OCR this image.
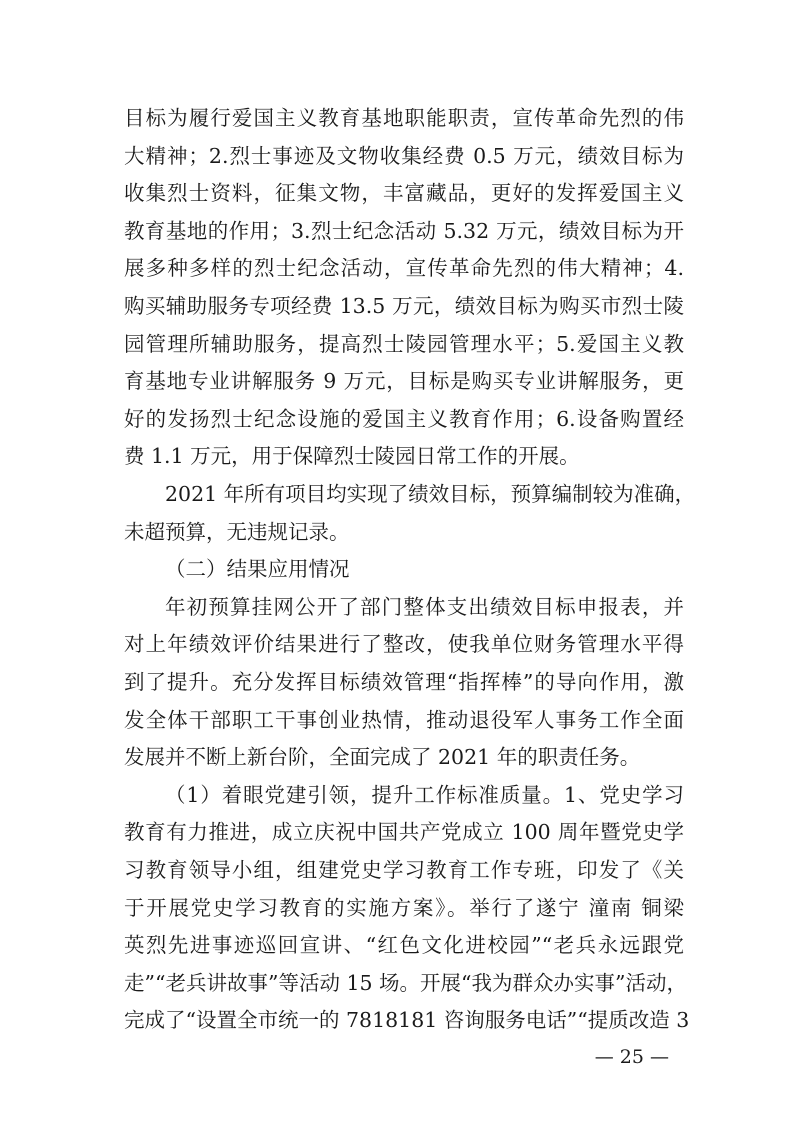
目标为履行爱国主义教育基地职能职责，宣传革命先烈的伟
大精神；2.烈士事迹及文物收集经费 0.5 万元，绩效目标为
收集烈士资料，征集文物，丰富藏品，更好的发挥爱国主义
教育基地的作用；3.烈士纪念活动 5.32 万元，绩效目标为开
展多种多样的烈士纪念活动，宣传革命先烈的伟大精神；4.
购买辅助服务专项经费 13.5 万元，绩效目标为购买市烈士陵
园管理所辅助服务，提高烈士陵园管理水平；5.爱国主义教
育基地专业讲解服务 9 万元，目标是购买专业讲解服务，更
好的发扬烈士纪念设施的爱国主义教育作用；6.设备购置经
费 1.1 万元，用于保障烈士陵园日常工作的开展。
2021 年所有项目均实现了绩效目标，预算编制较为准确，
未超预算，无违规记录。
（二）结果应用情况
年初预算挂网公开了部门整体支出绩效目标申报表，并
对上年绩效评价结果进行了整改，使我单位财务管理水平得
到了提升。充分发挥目标绩效管理“指挥棒”的导向作用，激
发全体干部职工干事创业热情，推动退役军人事务工作全面
发展并不断上新台阶，全面完成了 2021 年的职责任务。
（1）着眼党建引领，提升工作标准质量。1、党史学习
教育有力推进，成立庆祝中国共产党成立 100 周年暨党史学
习教育领导小组，组建党史学习教育工作专班，印发了《关
于开展党史学习教育的实施方案》。举行了遂宁 潼南 铜梁
英烈先进事迹巡回宣讲、“红色文化进校园”“老兵永远跟党
走”“老兵讲故事”等活动 15 场。开展“我为群众办实事”活动，
完成了“设置全市统一的 7818181 咨询服务电话”“提质改造 3
— 25 —
